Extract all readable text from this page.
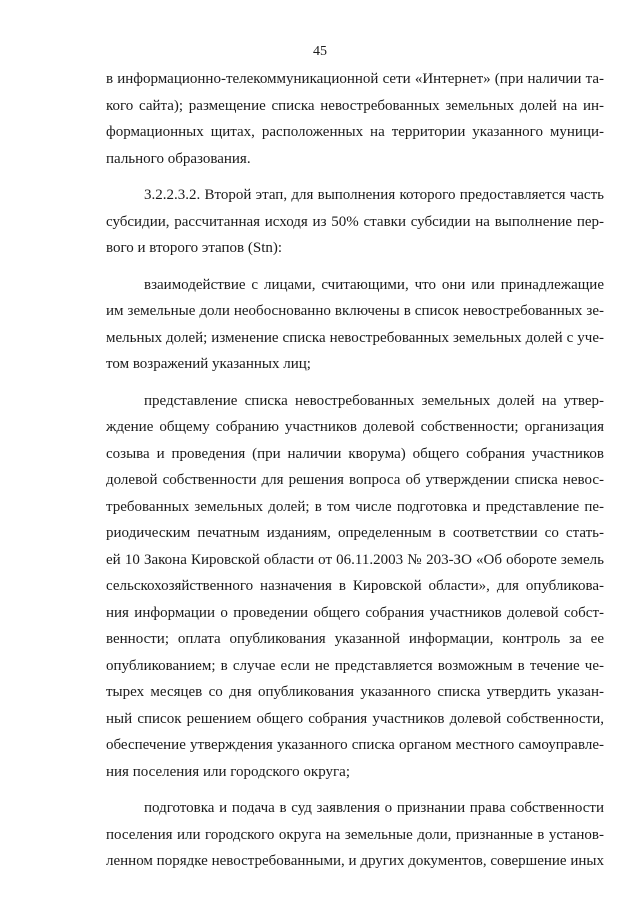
45
в информационно-телекоммуникационной сети «Интернет» (при наличии та-
кого сайта); размещение списка невостребованных земельных долей на ин-
формационных щитах, расположенных на территории указанного муници-
пального образования.
3.2.2.3.2. Второй этап, для выполнения которого предоставляется часть
субсидии, рассчитанная исходя из 50% ставки субсидии на выполнение пер-
вого и второго этапов (Stn):
взаимодействие с лицами, считающими, что они или принадлежащие
им земельные доли необоснованно включены в список невостребованных зе-
мельных долей; изменение списка невостребованных земельных долей с уче-
том возражений указанных лиц;
представление списка невостребованных земельных долей на утвер-
ждение общему собранию участников долевой собственности; организация
созыва и проведения (при наличии кворума) общего собрания участников
долевой собственности для решения вопроса об утверждении списка невос-
требованных земельных долей; в том числе подготовка и представление пе-
риодическим печатным изданиям, определенным в соответствии со стать-
ей 10 Закона Кировской области от 06.11.2003 № 203-ЗО «Об обороте земель
сельскохозяйственного назначения в Кировской области», для опубликова-
ния информации о проведении общего собрания участников долевой собст-
венности; оплата опубликования указанной информации, контроль за ее
опубликованием; в случае если не представляется возможным в течение че-
тырех месяцев со дня опубликования указанного списка утвердить указан-
ный список решением общего собрания участников долевой собственности,
обеспечение утверждения указанного списка органом местного самоуправле-
ния поселения или городского округа;
подготовка и подача в суд заявления о признании права собственности
поселения или городского округа на земельные доли, признанные в установ-
ленном порядке невостребованными, и других документов, совершение иных
